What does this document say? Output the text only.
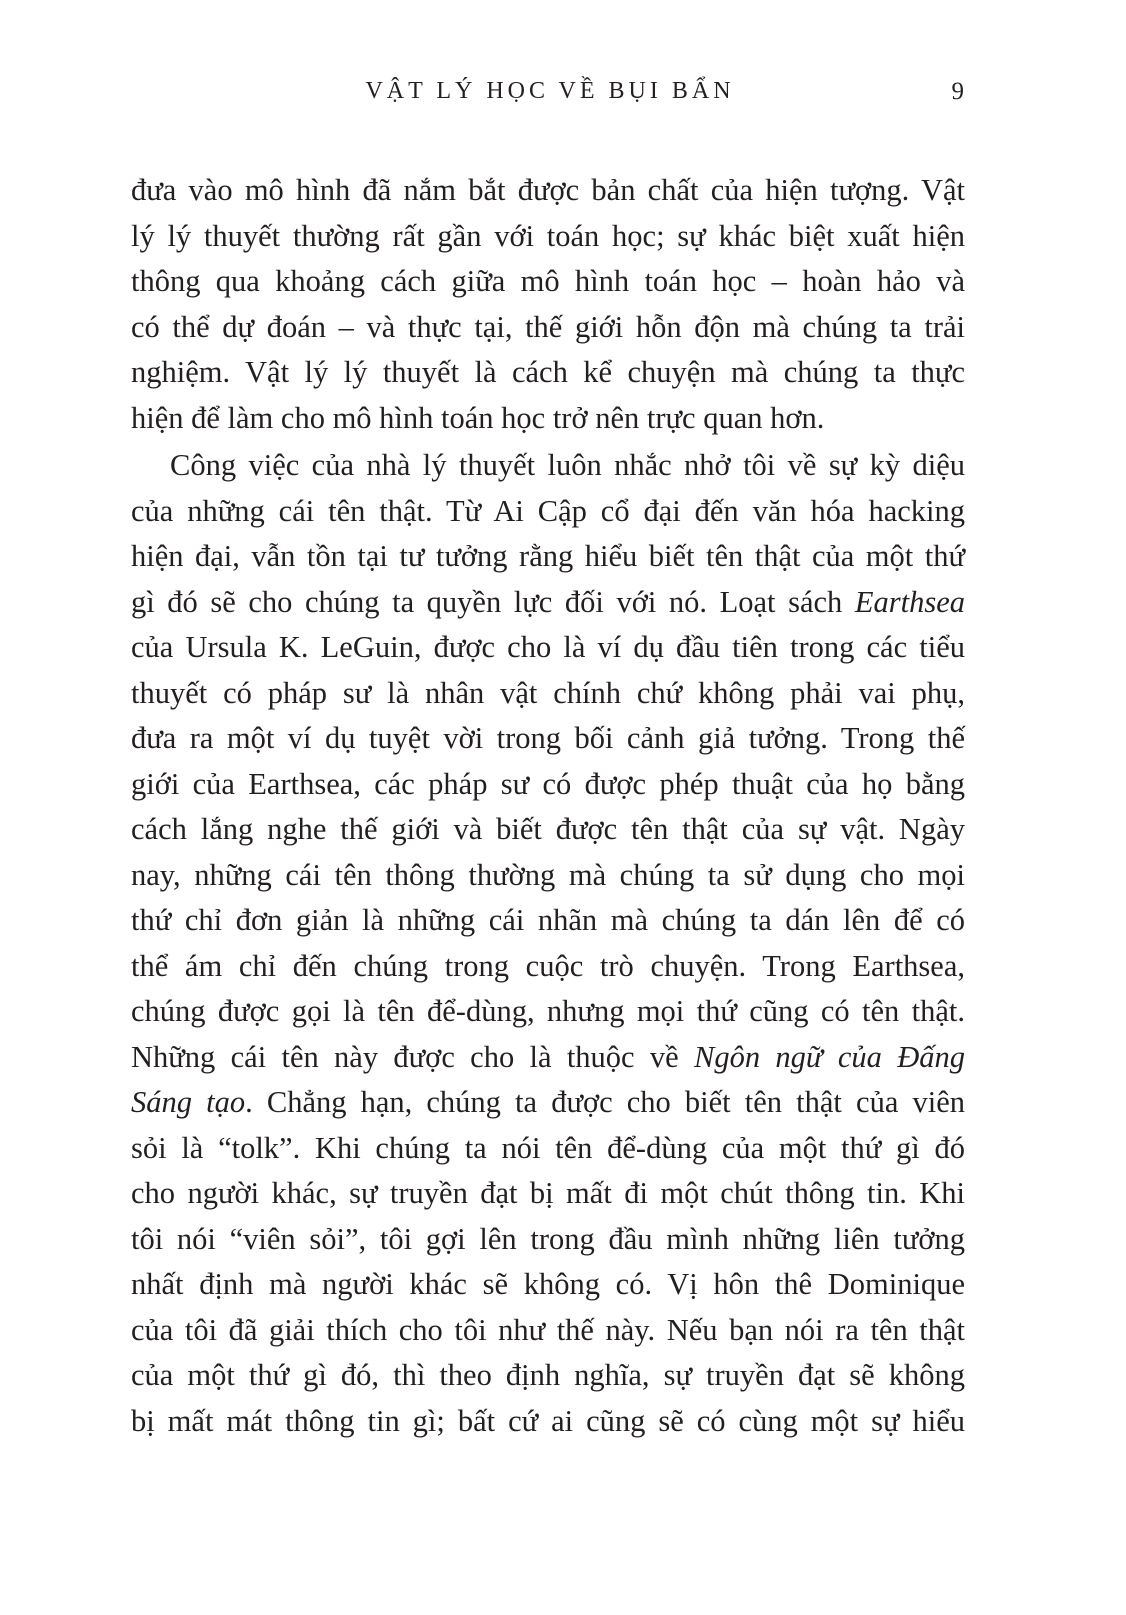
VẬT LÝ HỌC VỀ BỤI BẨN	9
đưa vào mô hình đã nắm bắt được bản chất của hiện tượng. Vật
lý lý thuyết thường rất gần với toán học; sự khác biệt xuất hiện
thông qua khoảng cách giữa mô hình toán học – hoàn hảo và
có thể dự đoán – và thực tại, thế giới hỗn độn mà chúng ta trải
nghiệm. Vật lý lý thuyết là cách kể chuyện mà chúng ta thực
hiện để làm cho mô hình toán học trở nên trực quan hơn.
Công việc của nhà lý thuyết luôn nhắc nhở tôi về sự kỳ diệu
của những cái tên thật. Từ Ai Cập cổ đại đến văn hóa hacking
hiện đại, vẫn tồn tại tư tưởng rằng hiểu biết tên thật của một thứ
gì đó sẽ cho chúng ta quyền lực đối với nó. Loạt sách Earthsea
của Ursula K. LeGuin, được cho là ví dụ đầu tiên trong các tiểu
thuyết có pháp sư là nhân vật chính chứ không phải vai phụ,
đưa ra một ví dụ tuyệt vời trong bối cảnh giả tưởng. Trong thế
giới của Earthsea, các pháp sư có được phép thuật của họ bằng
cách lắng nghe thế giới và biết được tên thật của sự vật. Ngày
nay, những cái tên thông thường mà chúng ta sử dụng cho mọi
thứ chỉ đơn giản là những cái nhãn mà chúng ta dán lên để có
thể ám chỉ đến chúng trong cuộc trò chuyện. Trong Earthsea,
chúng được gọi là tên để-dùng, nhưng mọi thứ cũng có tên thật.
Những cái tên này được cho là thuộc về Ngôn ngữ của Đấng
Sáng tạo. Chẳng hạn, chúng ta được cho biết tên thật của viên
sỏi là “tolk”. Khi chúng ta nói tên để-dùng của một thứ gì đó
cho người khác, sự truyền đạt bị mất đi một chút thông tin. Khi
tôi nói “viên sỏi”, tôi gợi lên trong đầu mình những liên tưởng
nhất định mà người khác sẽ không có. Vị hôn thê Dominique
của tôi đã giải thích cho tôi như thế này. Nếu bạn nói ra tên thật
của một thứ gì đó, thì theo định nghĩa, sự truyền đạt sẽ không
bị mất mát thông tin gì; bất cứ ai cũng sẽ có cùng một sự hiểu
